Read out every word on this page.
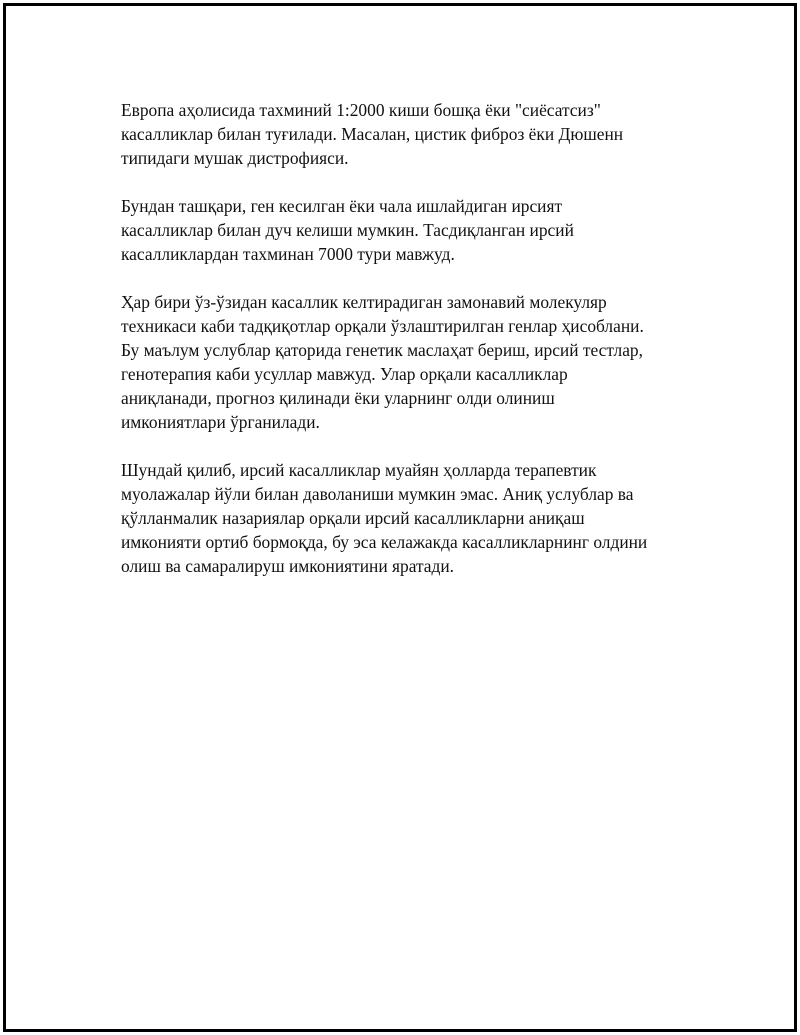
Европа аҳолисида тахминий 1:2000 киши бошқа ёки "сиёсатсиз"
касалликлар билан туғилади. Масалан, цистик фиброз ёки Дюшенн
типидаги мушак дистрофияси.

Бундан ташқари, ген кесилган ёки чала ишлайдиган ирсият
касалликлар билан дуч келиши мумкин. Тасдиқланган ирсий
касалликлардан тахминан 7000 тури мавжуд.

Ҳар бири ўз-ўзидан касаллик келтирадиган замонавий молекуляр
техникаси каби тадқиқотлар орқали ўзлаштирилган генлар ҳисоблани.
Бу маълум услублар қаторида генетик маслаҳат бериш, ирсий тестлар,
генотерапия каби усуллар мавжуд. Улар орқали касалликлар
аниқланади, прогноз қилинади ёки уларнинг олди олиниш
имкониятлари ўрганилади.

Шундай қилиб, ирсий касалликлар муайян ҳолларда терапевтик
муолажалар йўли билан даволаниши мумкин эмас. Аниқ услублар ва
қўлланмалик назариялар орқали ирсий касалликларни аниқаш
имконияти ортиб бормоқда, бу эса келажакда касалликларнинг олдини
олиш ва самаралируш имкониятини яратади.
